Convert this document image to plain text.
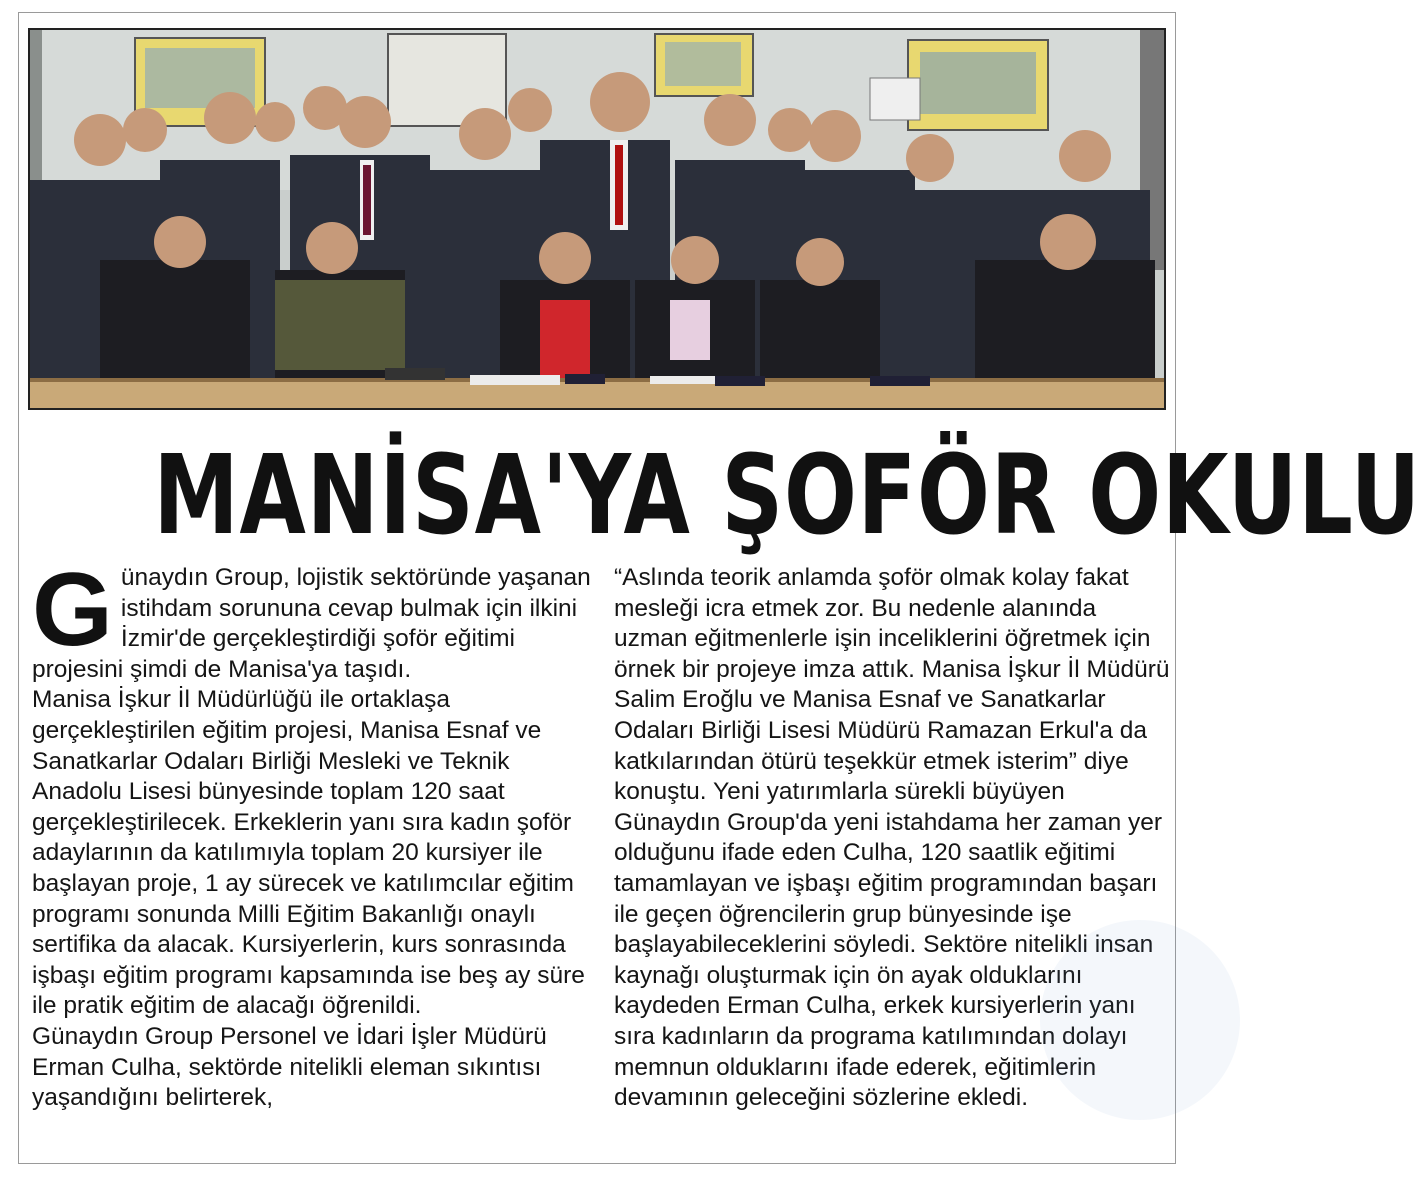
MANİSA'YA ŞOFÖR OKULU
G ünaydın Group, lojistik sektöründe yaşanan istihdam sorununa cevap bulmak için ilkini İzmir'de gerçekleştirdiği şoför eğitimi projesini şimdi de Manisa'ya taşıdı.

Manisa İşkur İl Müdürlüğü ile ortaklaşa gerçekleştirilen eğitim projesi, Manisa Esnaf ve Sanatkarlar Odaları Birliği Mesleki ve Teknik Anadolu Lisesi bünyesinde toplam 120 saat gerçekleştirilecek. Erkeklerin yanı sıra kadın şoför adaylarının da katılımıyla toplam 20 kursiyer ile başlayan proje, 1 ay sürecek ve katılımcılar eğitim programı sonunda Milli Eğitim Bakanlığı onaylı sertifika da alacak. Kursiyerlerin, kurs sonrasında işbaşı eğitim programı kapsamında ise beş ay süre ile pratik eğitim de alacağı öğrenildi.

Günaydın Group Personel ve İdari İşler Müdürü Erman Culha, sektörde nitelikli eleman sıkıntısı yaşandığını belirterek,

“Aslında teorik anlamda şoför olmak kolay fakat mesleği icra etmek zor. Bu nedenle alanında uzman eğitmenlerle işin inceliklerini öğretmek için örnek bir projeye imza attık. Manisa İşkur İl Müdürü Salim Eroğlu ve Manisa Esnaf ve Sanatkarlar Odaları Birliği Lisesi Müdürü Ramazan Erkul'a da katkılarından ötürü teşekkür etmek isterim” diye konuştu. Yeni yatırımlarla sürekli büyüyen Günaydın Group'da yeni istahdama her zaman yer olduğunu ifade eden Culha, 120 saatlik eğitimi tamamlayan ve işbaşı eğitim programından başarı ile geçen öğrencilerin grup bünyesinde işe başlayabileceklerini söyledi. Sektöre nitelikli insan kaynağı oluşturmak için ön ayak olduklarını kaydeden Erman Culha, erkek kursiyerlerin yanı sıra kadınların da programa katılımından dolayı memnun olduklarını ifade ederek, eğitimlerin devamının geleceğini sözlerine ekledi.
